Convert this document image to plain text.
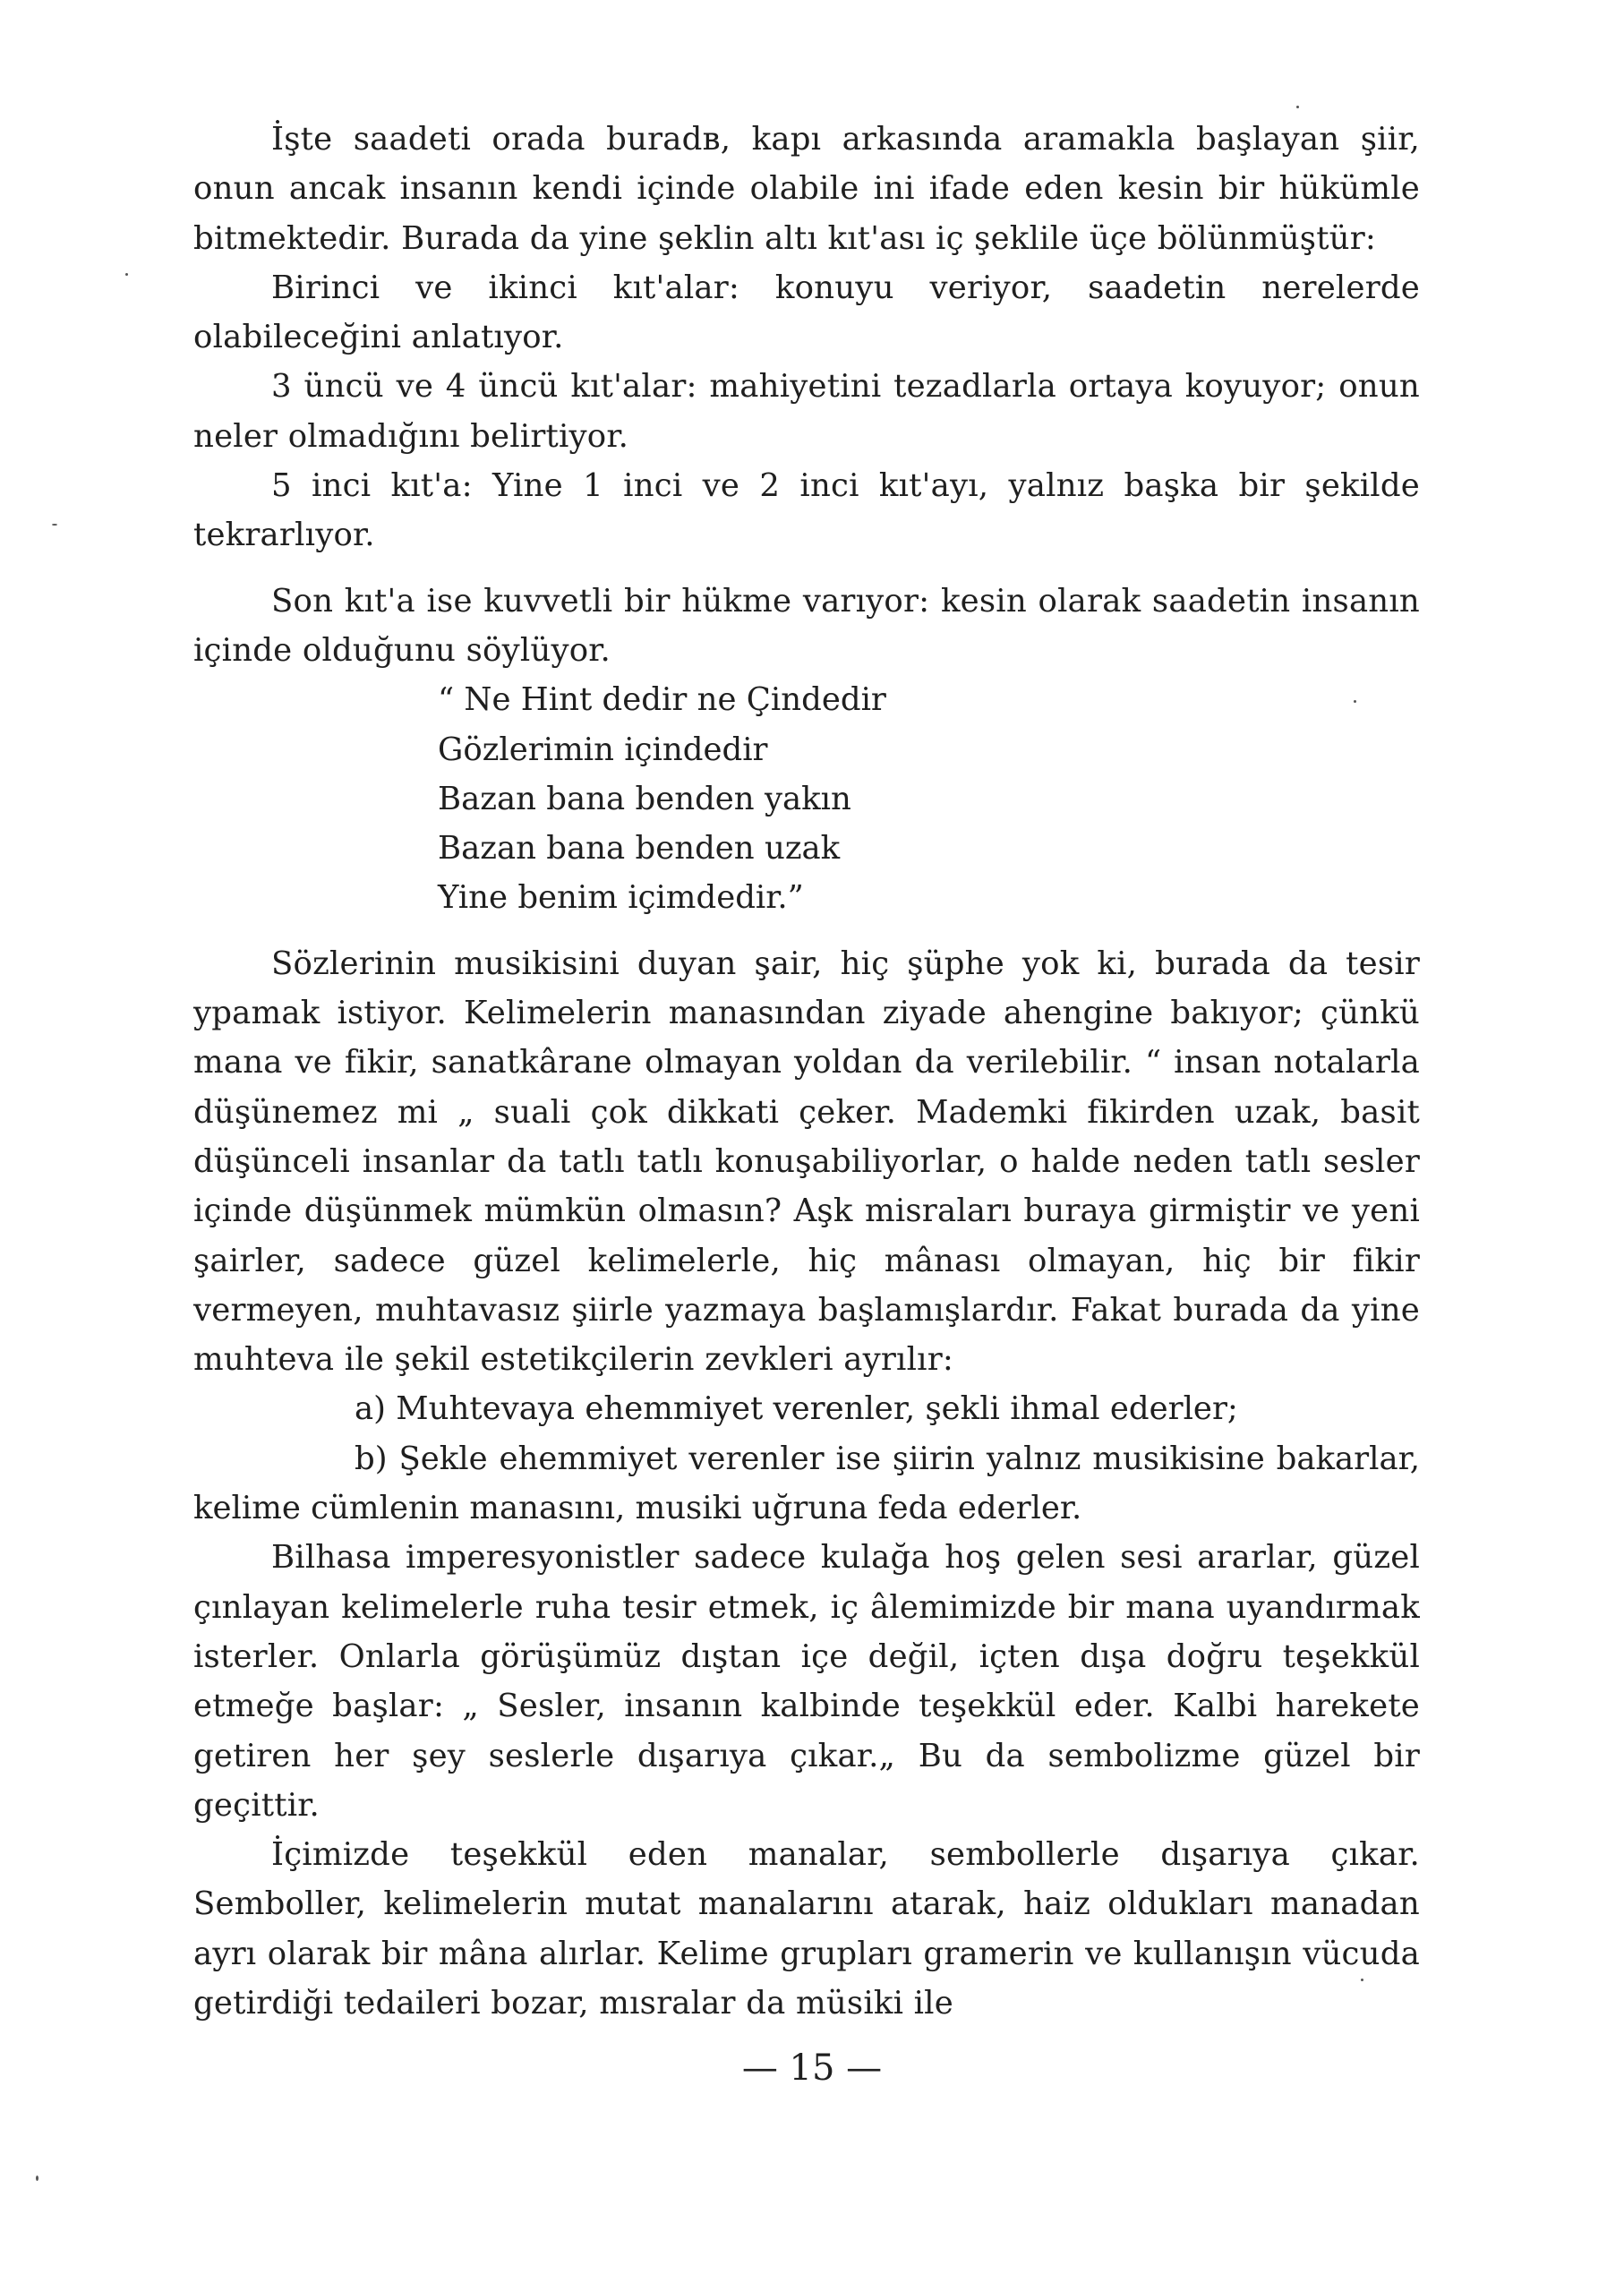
İşte saadeti orada buradʙ, kapı arkasında aramakla başlayan şiir, onun ancak insanın kendi içinde olabile ini ifade eden kesin bir hükümle bitmektedir. Burada da yine şeklin altı kıt'ası iç şeklile üçe bölünmüştür:

Birinci ve ikinci kıt'alar: konuyu veriyor, saadetin nerelerde olabileceğini anlatıyor.

3 üncü ve 4 üncü kıt'alar: mahiyetini tezadlarla ortaya koyuyor; onun neler olmadığını belirtiyor.

5 inci kıt'a: Yine 1 inci ve 2 inci kıt'ayı, yalnız başka bir şekilde tekrarlıyor.

Son kıt'a ise kuvvetli bir hükme varıyor: kesin olarak saadetin insanın içinde olduğunu söylüyor.

“ Ne Hint dedir ne Çindedir
Gözlerimin içindedir
Bazan bana benden yakın
Bazan bana benden uzak
Yine benim içimdedir.”

Sözlerinin musikisini duyan şair, hiç şüphe yok ki, burada da tesir ypamak istiyor. Kelimelerin manasından ziyade ahengine bakıyor; çünkü mana ve fikir, sanatkârane olmayan yoldan da verilebilir. “ insan notalarla düşünemez mi „ suali çok dikkati çeker. Mademki fikirden uzak, basit düşünceli insanlar da tatlı tatlı konuşabiliyorlar, o halde neden tatlı sesler içinde düşünmek mümkün olmasın? Aşk misraları buraya girmiştir ve yeni şairler, sadece güzel kelimelerle, hiç mânası olmayan, hiç bir fikir vermeyen, muhtavasız şiirle yazmaya başlamışlardır. Fakat burada da yine muhteva ile şekil estetikçilerin zevkleri ayrılır:

a) Muhtevaya ehemmiyet verenler, şekli ihmal ederler;
b) Şekle ehemmiyet verenler ise şiirin yalnız musikisine bakarlar, kelime cümlenin manasını, musiki uğruna feda ederler.

Bilhasa imperesyonistler sadece kulağa hoş gelen sesi ararlar, güzel çınlayan kelimelerle ruha tesir etmek, iç âlemimizde bir mana uyandırmak isterler. Onlarla görüşümüz dıştan içe değil, içten dışa doğru teşekkül etmeğe başlar: „ Sesler, insanın kalbinde teşekkül eder. Kalbi harekete getiren her şey seslerle dışarıya çıkar.„ Bu da sembolizme güzel bir geçittir.

İçimizde teşekkül eden manalar, sembollerle dışarıya çıkar. Semboller, kelimelerin mutat manalarını atarak, haiz oldukları manadan ayrı olarak bir mâna alırlar. Kelime grupları gramerin ve kullanışın vücuda getirdiği tedaileri bozar, mısralar da müsiki ile

— 15 —
